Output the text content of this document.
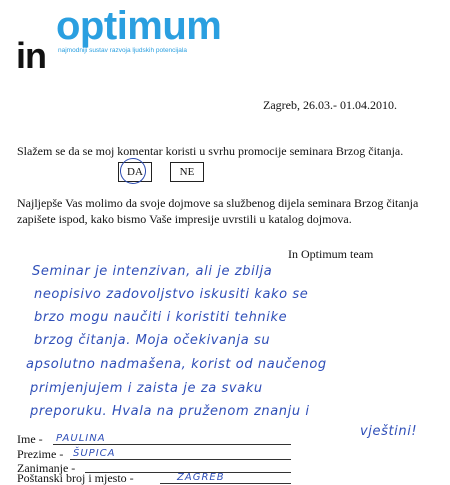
optimum
in najmodniji sustav razvoja ljudskih potencijala
Zagreb, 26.03.- 01.04.2010.
Slažem se da se moj komentar koristi u svrhu promocije seminara Brzog čitanja.
DA	NE
Najljepše Vas molimo da svoje dojmove sa službenog dijela seminara Brzog čitanja zapišete ispod, kako bismo Vaše impresije uvrstili u katalog dojmova.
In Optimum team
Seminar je intenzivan, ali je zbilja
neopisivo zadovoljstvo iskusiti kako se
brzo mogu naučiti i koristiti tehnike
brzog čitanja. Moja očekivanja su
apsolutno nadmašena, korist od naučenog
primjenjujem i zaista je za svaku
preporuku. Hvala na pruženom znanju i
vještini!
Ime - PAULINA
Prezime - ŠUPICA
Zanimanje -
Poštanski broj i mjesto -	ZAGREB
